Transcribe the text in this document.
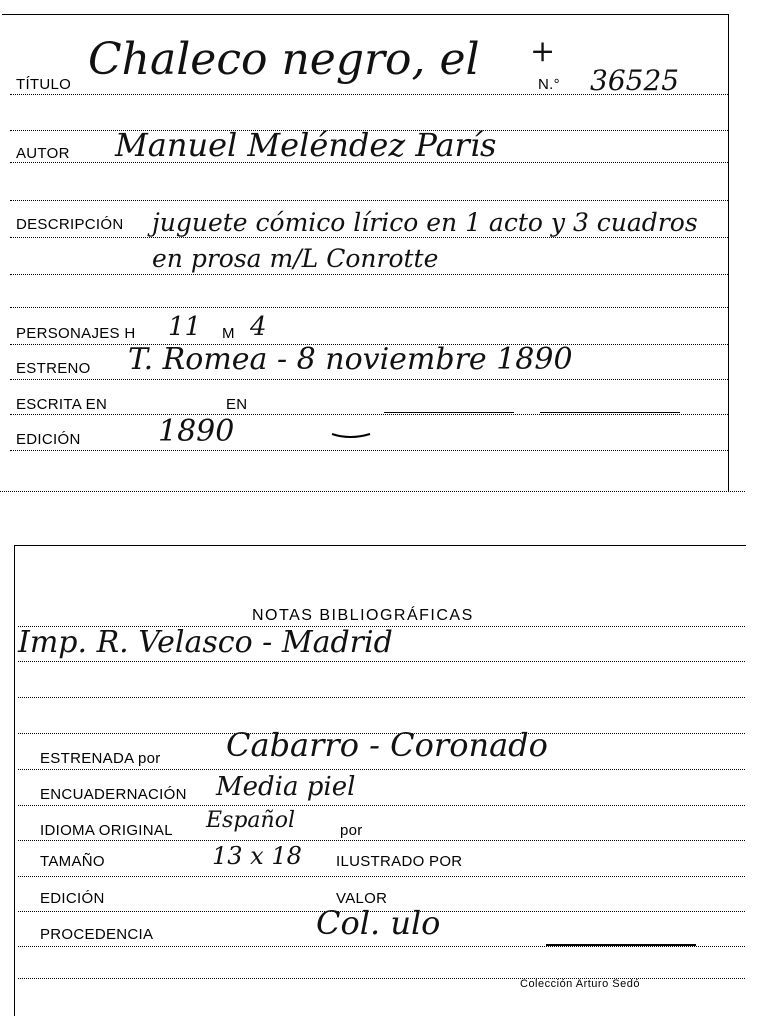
TÍTULO Chaleco negro, el +
N.° 36525
AUTOR Manuel Meléndez París
DESCRIPCIÓN juguete cómico lírico en 1 acto y 3 cuadros
en prosa m/L Conrotte
PERSONAJES H 11 M 4
ESTRENO T. Romea - 8 noviembre 1890
ESCRITA EN	EN
EDICIÓN	1890
NOTAS BIBLIOGRÁFICAS
Imp. R. Velasco - Madrid
ESTRENADA por Cabarro - Coronado
ENCUADERNACIÓN Media piel
IDIOMA ORIGINAL Español	por
TAMAÑO	13 x 18 ILUSTRADO POR
EDICIÓN	VALOR
PROCEDENCIA	Col. ulo
Colección Arturo Sedó
